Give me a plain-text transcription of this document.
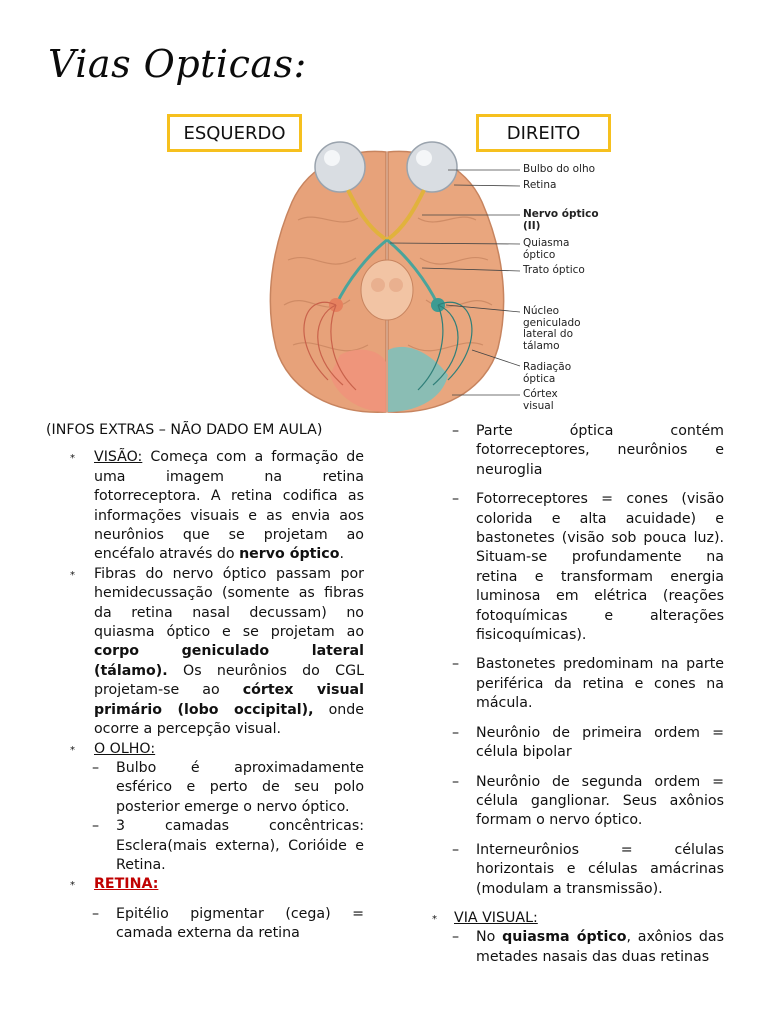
Vias Opticas:
ESQUERDO	DIREITO
Bulbo do olho
Retina
Nervo óptico (II)
Quiasma óptico
Trato óptico
Núcleo
geniculado
lateral do
tálamo
Radiação
óptica
Córtex
visual
(INFOS EXTRAS – NÃO DADO EM AULA)
* VISÃO: Começa com a formação de uma imagem na retina fotorreceptora. A retina codifica as informações visuais e as envia aos neurônios que se projetam ao encéfalo através do nervo óptico.
* Fibras do nervo óptico passam por hemidecussação (somente as fibras da retina nasal decussam) no quiasma óptico e se projetam ao corpo geniculado lateral (tálamo). Os neurônios do CGL projetam-se ao córtex visual primário (lobo occipital), onde ocorre a percepção visual.
* O OLHO:
– Bulbo é aproximadamente esférico e perto de seu polo posterior emerge o nervo óptico.
– 3 camadas concêntricas: Esclera(mais externa), Corióide e Retina.
* RETINA:
– Epitélio pigmentar (cega) = camada externa da retina
– Parte óptica contém fotorreceptores, neurônios e neuroglia
– Fotorreceptores = cones (visão colorida e alta acuidade) e bastonetes (visão sob pouca luz). Situam-se profundamente na retina e transformam energia luminosa em elétrica (reações fotoquímicas e alterações fisicoquímicas).
– Bastonetes predominam na parte periférica da retina e cones na mácula.
– Neurônio de primeira ordem = célula bipolar
– Neurônio de segunda ordem = célula ganglionar. Seus axônios formam o nervo óptico.
– Interneurônios = células horizontais e células amácrinas (modulam a transmissão).
* VIA VISUAL:
– No quiasma óptico, axônios das metades nasais das duas retinas
